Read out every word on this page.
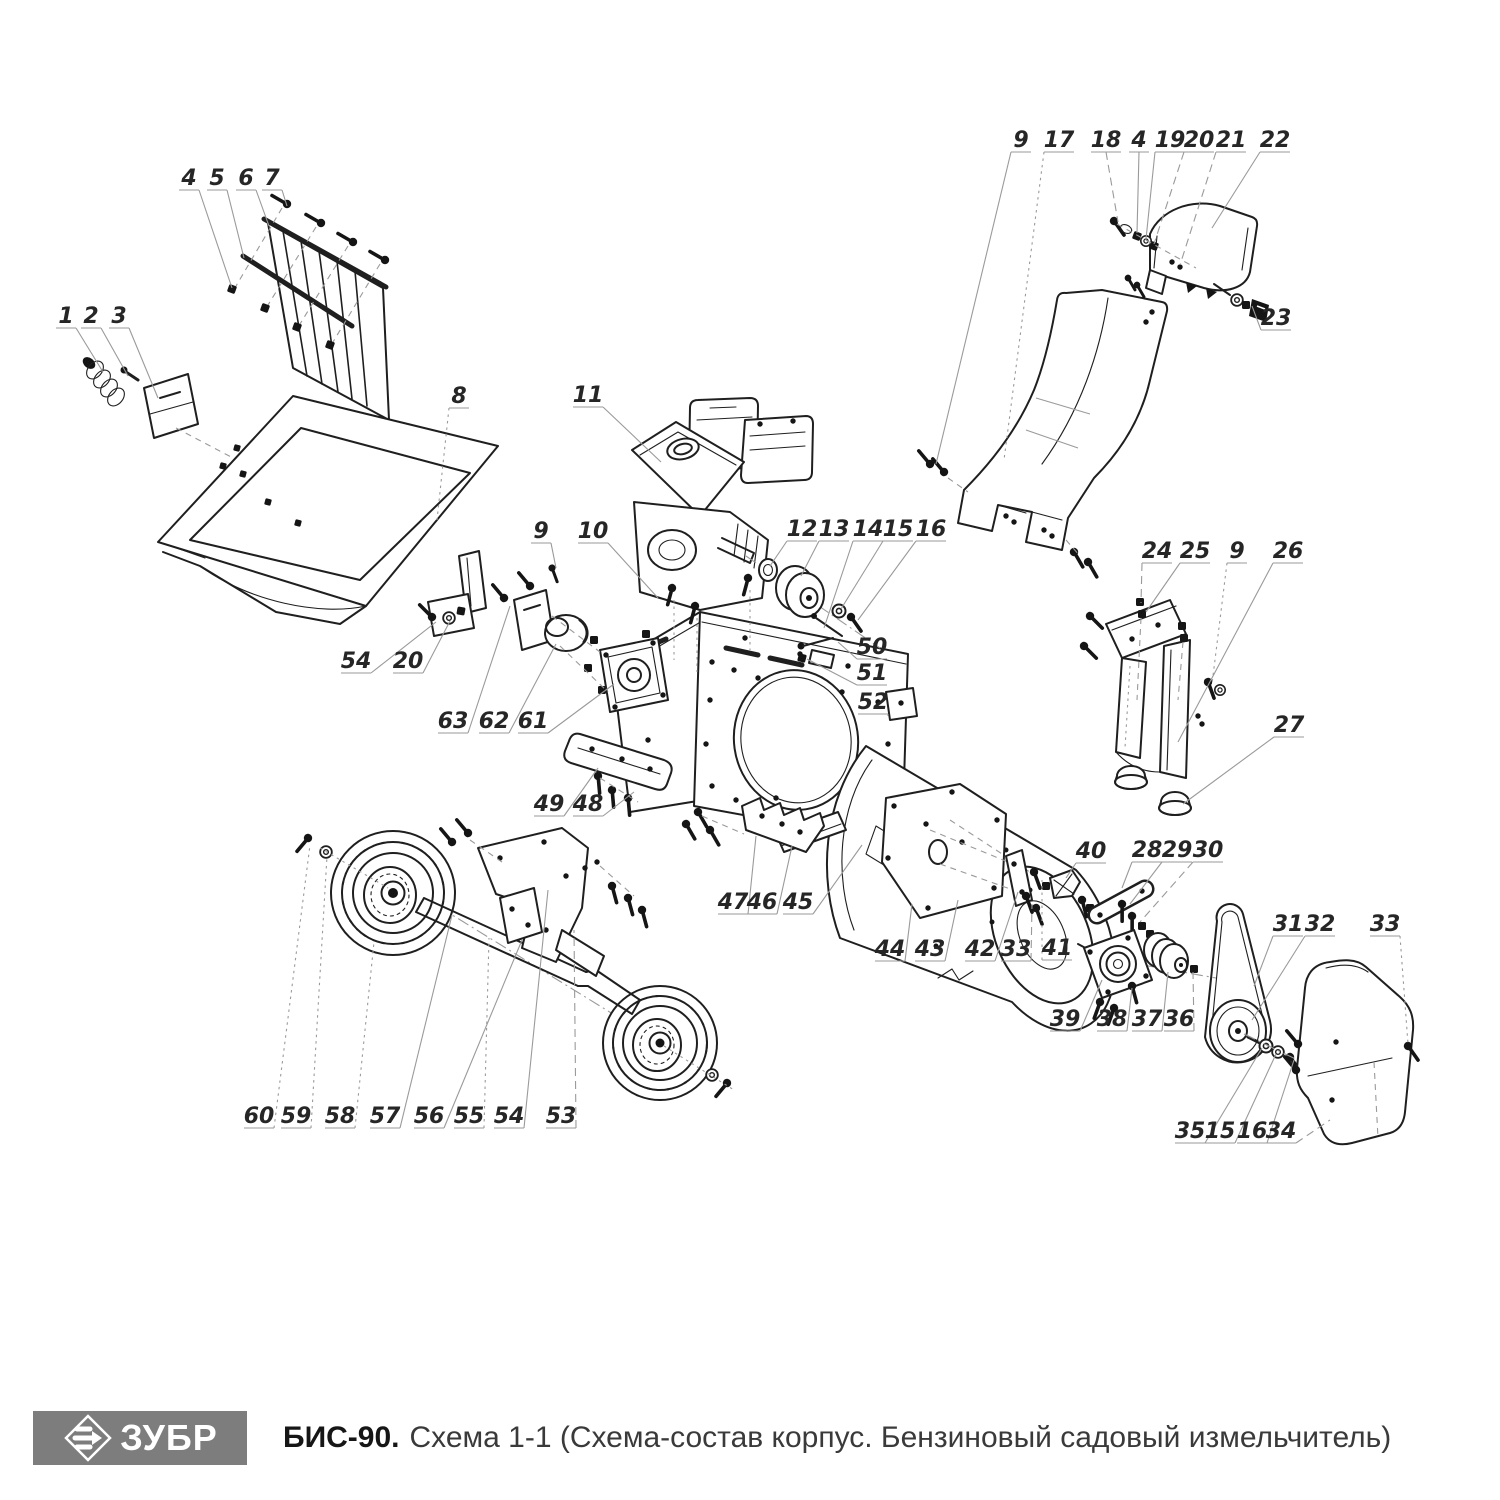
1 2 3
4 5 6 7
8
54 20
11
9 10	12 13 14 15 16
50
51
52
63 62 61
49 48
47
46 45
44 43 42 33 41
40 28 29 30
31 32 33
39 38 37 36
35 15 16
34
9 17 18 4 19
20 21 22
23
24 25 9 26
27
60 59 58 57 56 55 54 53
ЗУБР БИС-90. Схема 1-1 (Схема-состав корпус. Бензиновый садовый измельчитель)
